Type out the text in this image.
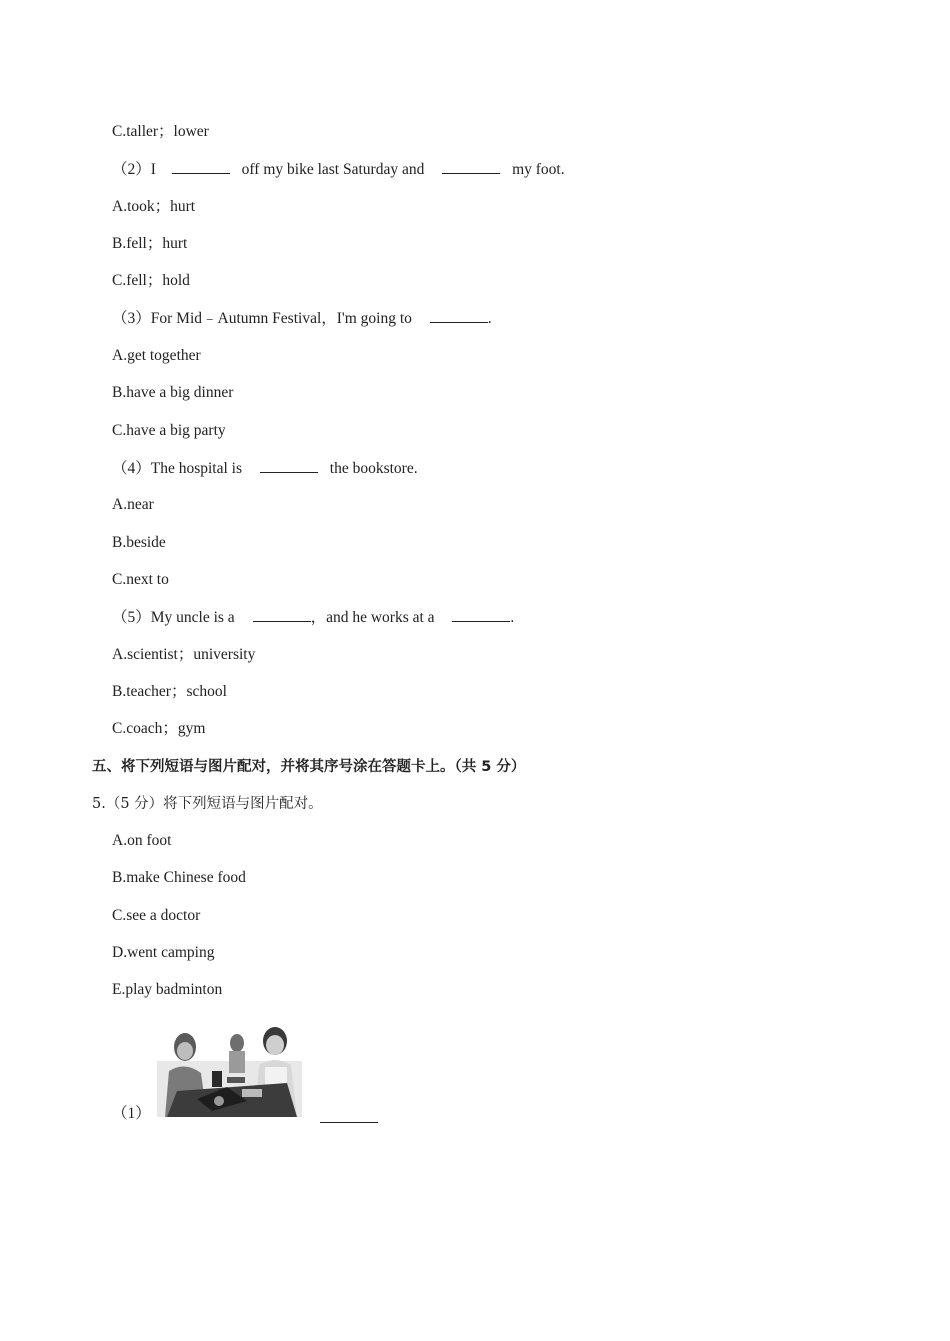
C.taller；lower
（2）I	off my bike last Saturday and	my foot.
A.took；hurt
B.fell；hurt
C.fell；hold
（3）For Mid﹣Autumn Festival，I'm going to	.
A.get together
B.have a big dinner
C.have a big party
（4）The hospital is	the bookstore.
A.near
B.beside
C.next to
（5）My uncle is a	，and he works at a	.
A.scientist；university
B.teacher；school
C.coach；gym
五、将下列短语与图片配对，并将其序号涂在答题卡上。（共 5 分）
5.（5 分）将下列短语与图片配对。
A.on foot
B.make Chinese food
C.see a doctor
D.went camping
E.play badminton
（1）
